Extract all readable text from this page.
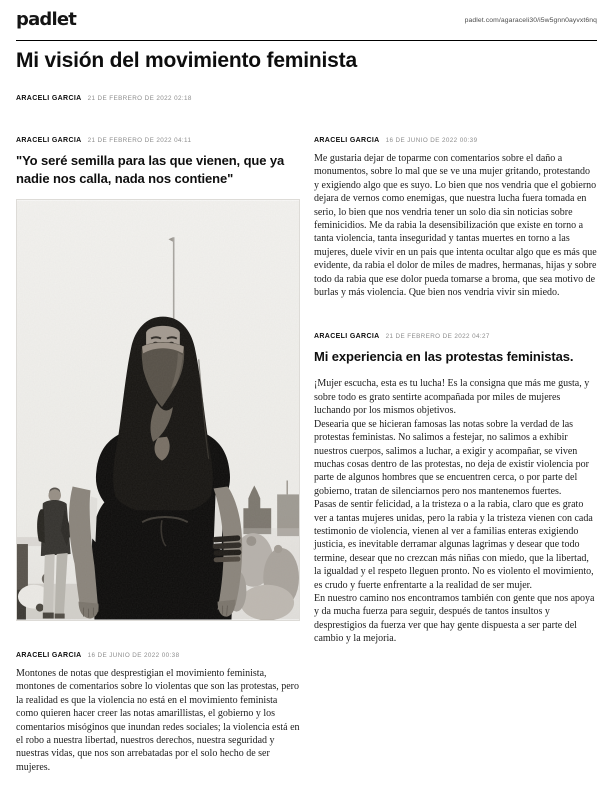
padlet	padlet.com/agaraceli30/i5w5gnn0ayvxt6nq
Mi visión del movimiento feminista
ARACELI GARCIA 21 DE FEBRERO DE 2022 02:18
ARACELI GARCIA 21 DE FEBRERO DE 2022 04:11
"Yo seré semilla para las que vienen, que ya nadie nos calla, nada nos contiene"
ARACELI GARCIA 16 DE JUNIO DE 2022 00:38
Montones de notas que desprestigian el movimiento feminista, montones de comentarios sobre lo violentas que son las protestas, pero la realidad es que la violencia no está en el movimiento feminista como quieren hacer creer las notas amarillistas, el gobierno y los comentarios misóginos que inundan redes sociales; la violencia está en el robo a nuestra libertad, nuestros derechos, nuestra seguridad y nuestras vidas, que nos son arrebatadas por el solo hecho de ser mujeres.
ARACELI GARCIA 16 DE JUNIO DE 2022 00:39
Me gustaria dejar de toparme con comentarios sobre el daño a monumentos, sobre lo mal que se ve una mujer gritando, protestando y exigiendo algo que es suyo. Lo bien que nos vendria que el gobierno dejara de vernos como enemigas, que nuestra lucha fuera tomada en serio, lo bien que nos vendria tener un solo dia sin noticias sobre feminicidios. Me da rabia la desensibilización que existe en torno a tanta violencia, tanta inseguridad y tantas muertes en torno a las mujeres, duele vivir en un pais que intenta ocultar algo que es más que evidente, da rabia el dolor de miles de madres, hermanas, hijas y sobre todo da rabia que ese dolor pueda tomarse a broma, que sea motivo de burlas y más violencia. Que bien nos vendria vivir sin miedo.
ARACELI GARCIA 21 DE FEBRERO DE 2022 04:27
Mi experiencia en las protestas feministas.

¡Mujer escucha, esta es tu lucha! Es la consigna que más me gusta, y sobre todo es grato sentirte acompañada por miles de mujeres luchando por los mismos objetivos.

Desearia que se hicieran famosas las notas sobre la verdad de las protestas feministas. No salimos a festejar, no salimos a exhibir nuestros cuerpos, salimos a luchar, a exigir y acompañar, se viven muchas cosas dentro de las protestas, no deja de existir violencia por parte de algunos hombres que se encuentren cerca, o por parte del gobierno, tratan de silenciarnos pero nos mantenemos fuertes.

Pasas de sentir felicidad, a la tristeza o a la rabia, claro que es grato ver a tantas mujeres unidas, pero la rabia y la tristeza vienen con cada testimonio de violencia, vienen al ver a familias enteras exigiendo justicia, es inevitable derramar algunas lagrimas y desear que todo termine, desear que no crezcan más niñas con miedo, que la libertad, la igualdad y el respeto lleguen pronto. No es violento el movimiento, es crudo y fuerte enfrentarte a la realidad de ser mujer.

En nuestro camino nos encontramos también con gente que nos apoya y da mucha fuerza para seguir, después de tantos insultos y desprestigios da fuerza ver que hay gente dispuesta a ser parte del cambio y la mejoria.
